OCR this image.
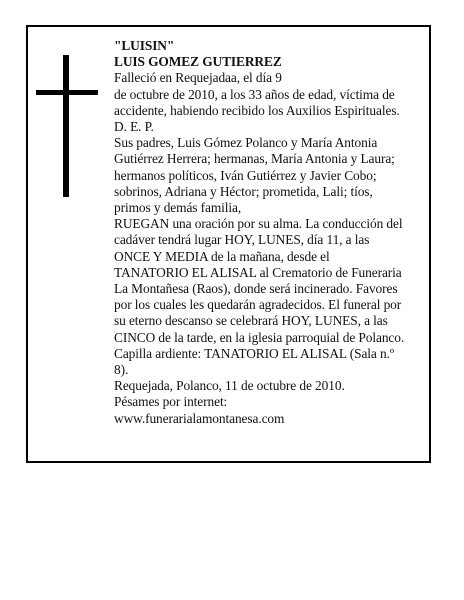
"LUISIN"
LUIS GOMEZ GUTIERREZ
Falleció en Requejadaa, el día 9
de octubre de 2010, a los 33 años de edad, víctima de
accidente, habiendo recibido los Auxilios Espirituales.
D. E. P.
Sus padres, Luis Gómez Polanco y María Antonia
Gutiérrez Herrera; hermanas, María Antonia y Laura;
hermanos políticos, Iván Gutiérrez y Javier Cobo;
sobrinos, Adriana y Héctor; prometida, Lali; tíos,
primos y demás familia,
RUEGAN una oración por su alma. La conducción del
cadáver tendrá lugar HOY, LUNES, día 11, a las
ONCE Y MEDIA de la mañana, desde el
TANATORIO EL ALISAL al Crematorio de Funeraria
La Montañesa (Raos), donde será incinerado. Favores
por los cuales les quedarán agradecidos. El funeral por
su eterno descanso se celebrará HOY, LUNES, a las
CINCO de la tarde, en la iglesia parroquial de Polanco.
Capilla ardiente: TANATORIO EL ALISAL (Sala n.º
8).
Requejada, Polanco, 11 de octubre de 2010.
Pésames por internet:
www.funerarialamontanesa.com
